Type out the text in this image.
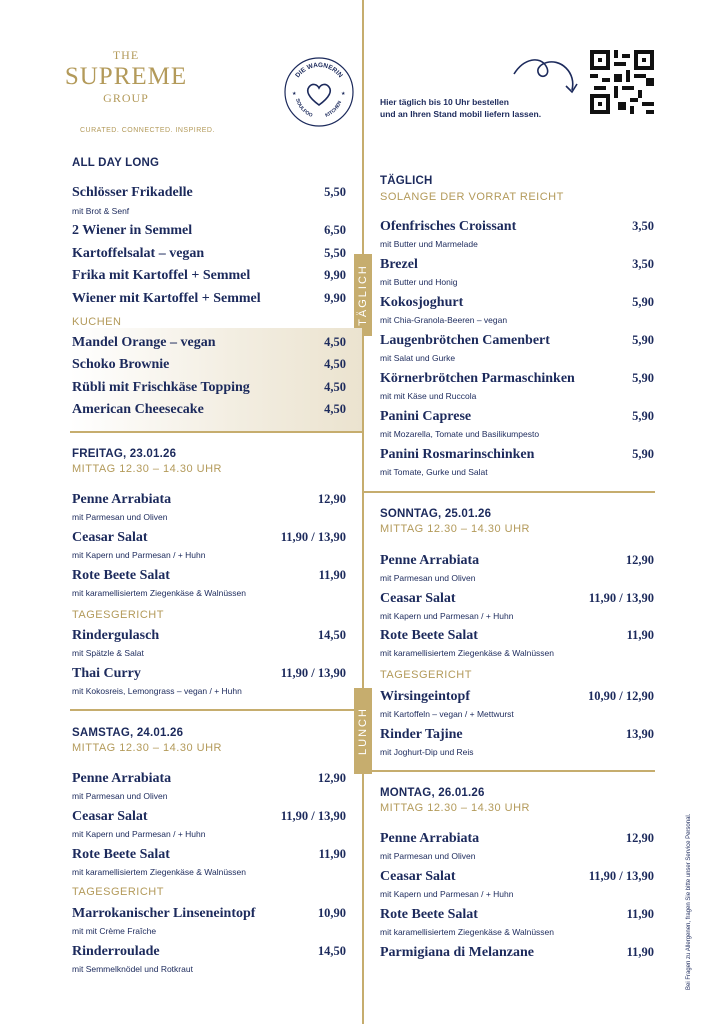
THE
SUPREME
GROUP
CURATED. CONNECTED. INSPIRED.
DIE WAGNERIN
SOULFOO KITCHEN
★	★
Hier täglich bis 10 Uhr bestellen
und an Ihren Stand mobil liefern lassen.
TÄGLICH
LUNCH
ALL DAY LONG
Schlösser Frikadelle	5,50
mit Brot & Senf
2 Wiener in Semmel	6,50
Kartoffelsalat – vegan	5,50
Frika mit Kartoffel + Semmel	9,90
Wiener mit Kartoffel + Semmel	9,90
KUCHEN
Mandel Orange – vegan	4,50
Schoko Brownie	4,50
Rübli mit Frischkäse Topping	4,50
American Cheesecake	4,50
FREITAG, 23.01.26
MITTAG 12.30 – 14.30 UHR
Penne Arrabiata	12,90
mit Parmesan und Oliven
Ceasar Salat	11,90 / 13,90
mit Kapern und Parmesan / + Huhn
Rote Beete Salat	11,90
mit karamellisiertem Ziegenkäse & Walnüssen
TAGESGERICHT
Rindergulasch	14,50
mit Spätzle & Salat
Thai Curry	11,90 / 13,90
mit Kokosreis, Lemongrass – vegan / + Huhn
SAMSTAG, 24.01.26
MITTAG 12.30 – 14.30 UHR
Penne Arrabiata	12,90
mit Parmesan und Oliven
Ceasar Salat	11,90 / 13,90
mit Kapern und Parmesan / + Huhn
Rote Beete Salat	11,90
mit karamellisiertem Ziegenkäse & Walnüssen
TAGESGERICHT
Marrokanischer Linseneintopf	10,90
mit mit Crème Fraîche
Rinderroulade	14,50
mit Semmelknödel und Rotkraut
TÄGLICH
SOLANGE DER VORRAT REICHT
Ofenfrisches Croissant	3,50
mit Butter und Marmelade
Brezel	3,50
mit Butter und Honig
Kokosjoghurt	5,90
mit Chia-Granola-Beeren – vegan
Laugenbrötchen Camenbert	5,90
mit Salat und Gurke
Körnerbrötchen Parmaschinken	5,90
mit mit Käse und Ruccola
Panini Caprese	5,90
mit Mozarella, Tomate und Basilikumpesto
Panini Rosmarinschinken	5,90
mit Tomate, Gurke und Salat
SONNTAG, 25.01.26
MITTAG 12.30 – 14.30 UHR
Penne Arrabiata	12,90
mit Parmesan und Oliven
Ceasar Salat	11,90 / 13,90
mit Kapern und Parmesan / + Huhn
Rote Beete Salat	11,90
mit karamellisiertem Ziegenkäse & Walnüssen
TAGESGERICHT
Wirsingeintopf	10,90 / 12,90
mit Kartoffeln – vegan / + Mettwurst
Rinder Tajine	13,90
mit Joghurt-Dip und Reis
MONTAG, 26.01.26
MITTAG 12.30 – 14.30 UHR
Penne Arrabiata	12,90
mit Parmesan und Oliven
Ceasar Salat	11,90 / 13,90
mit Kapern und Parmesan / + Huhn
Rote Beete Salat	11,90
mit karamellisiertem Ziegenkäse & Walnüssen
Parmigiana di Melanzane	11,90	Bei Fragen zu Allergenen, fragen Sie bitte unser Service Personal.
